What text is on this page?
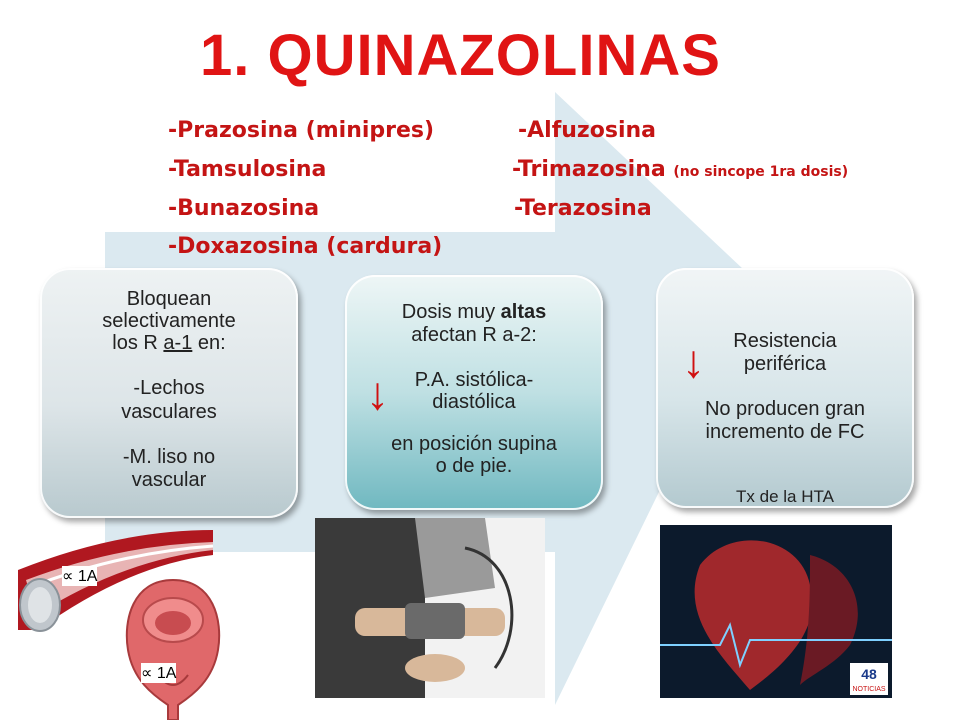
1. QUINAZOLINAS
-Prazosina (minipres)
-Tamsulosina
-Bunazosina
-Doxazosina (cardura)
-Alfuzosina
-Trimazosina (no sincope 1ra dosis)
-Terazosina
Bloquean
selectivamente
los R a-1 en:
-Lechos
vasculares
-M. liso no
vascular
Dosis muy altas
afectan R a-2:
P.A. sistólica-
diastólica
en posición supina
o de pie.
↓
Resistencia
periférica
No producen gran
incremento de FC
Tx de la HTA
↓
∝ 1A
∝ 1A	48
NOTICIAS
